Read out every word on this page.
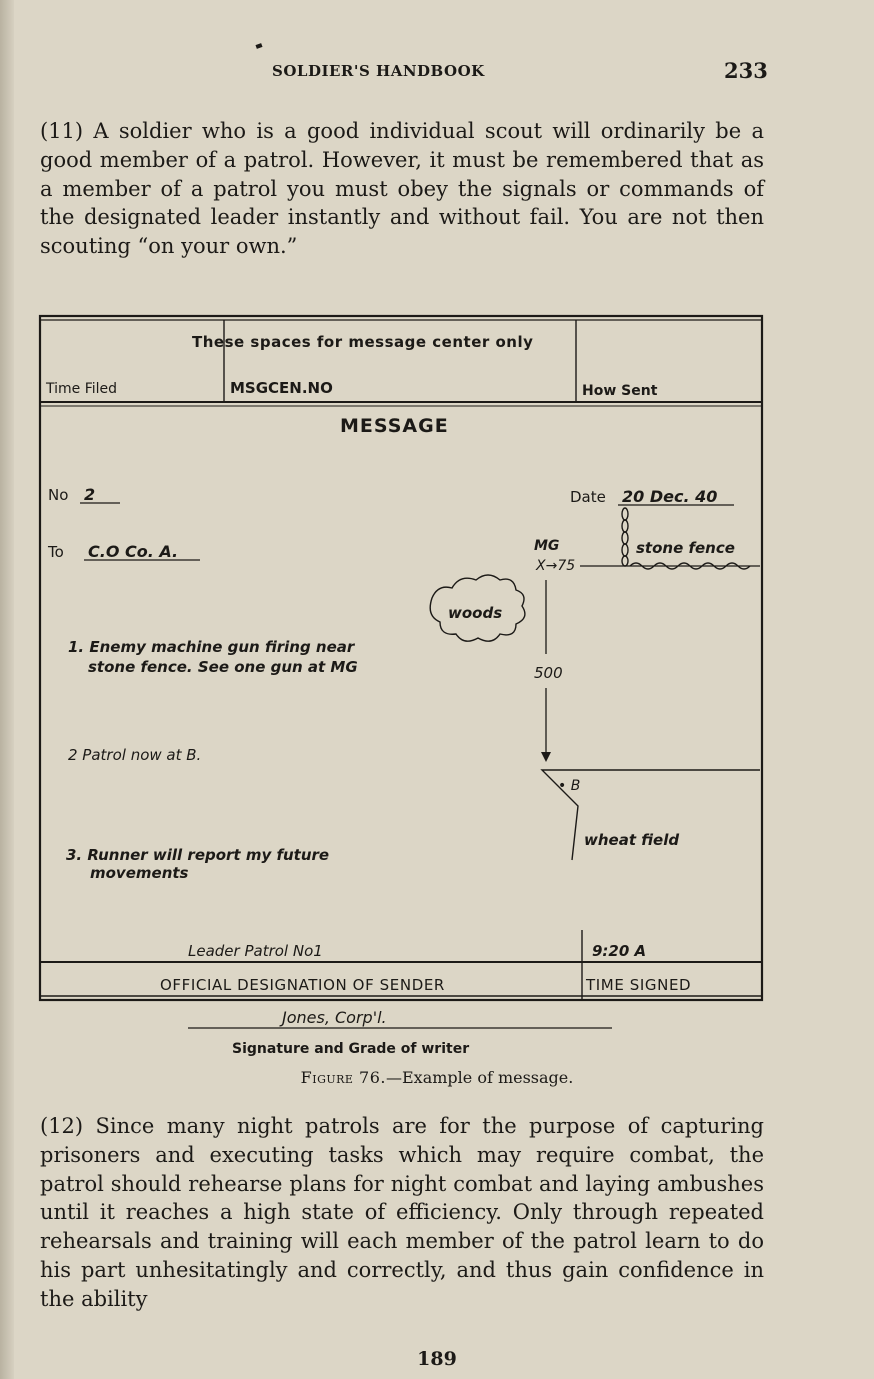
SOLDIER'S HANDBOOK	233

(11) A soldier who is a good individual scout will ordinarily be a good member of a patrol. However, it must be remembered that as a member of a patrol you must obey the signals or commands of the designated leader instantly and without fail. You are not then scouting “on your own.”

These spaces for message center only
Time Filed	MSGCEN.NO	How Sent
MESSAGE
No 2	Date 20 Dec. 40
To C.O Co. A.
1. Enemy machine gun firing near
stone fence. See one gun at MG
2 Patrol now at B.
3. Runner will report my future
movements
MG
X→75
stone fence
woods
500
• B
wheat field
Leader Patrol No1	9:20 A
OFFICIAL DESIGNATION OF SENDER	TIME SIGNED
Jones, Corp'l.
Signature and Grade of writer
Figure 76.—Example of message.

(12) Since many night patrols are for the purpose of capturing prisoners and executing tasks which may require combat, the patrol should rehearse plans for night combat and laying ambushes until it reaches a high state of efficiency. Only through repeated rehearsals and training will each member of the patrol learn to do his part unhesitatingly and correctly, and thus gain confidence in the ability

189
